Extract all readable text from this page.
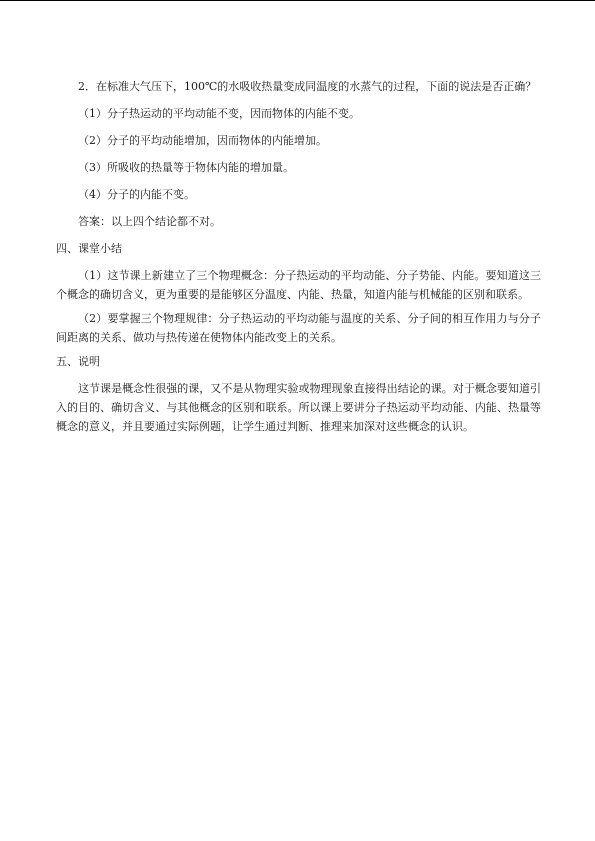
2．在标准大气压下，100℃的水吸收热量变成同温度的水蒸气的过程，下面的说法是否正确？

（1）分子热运动的平均动能不变，因而物体的内能不变。

（2）分子的平均动能增加，因而物体的内能增加。

（3）所吸收的热量等于物体内能的增加量。

（4）分子的内能不变。

答案：以上四个结论都不对。

四、课堂小结

（1）这节课上新建立了三个物理概念：分子热运动的平均动能、分子势能、内能。要知道这三个概念的确切含义，更为重要的是能够区分温度、内能、热量，知道内能与机械能的区别和联系。

（2）要掌握三个物理规律：分子热运动的平均动能与温度的关系、分子间的相互作用力与分子间距离的关系、做功与热传递在使物体内能改变上的关系。

五、说明

这节课是概念性很强的课，又不是从物理实验或物理现象直接得出结论的课。对于概念要知道引入的目的、确切含义、与其他概念的区别和联系。所以课上要讲分子热运动平均动能、内能、热量等概念的意义，并且要通过实际例题，让学生通过判断、推理来加深对这些概念的认识。
